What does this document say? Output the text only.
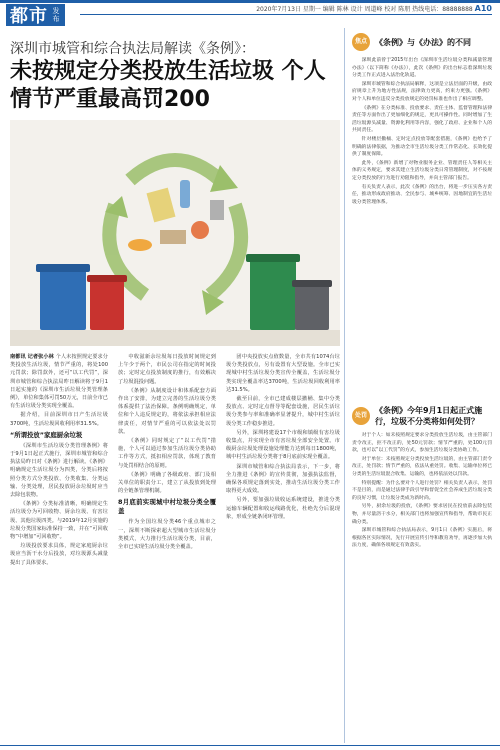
都市 发布
2020年7月13日 星期一 编辑 陈林 设计 周道峰 校对 陈朋 热线电话：88888888 A10
深圳市城管和综合执法局解读《条例》：
未按规定分类投放生活垃圾 个人情节严重最高罚200

南都讯 记者张小林 个人未按照规定要求分类投放生活垃圾，情节严重的，将处100元罚款；除罚款外，还可“以工代罚”，深圳市城管和综合执法局昨日解读将于9月1日起实施的《深圳市生活垃圾分类管理条例》，单位和集体可罚50万元，日前全市已有生活垃圾分类实现全覆盖。

据介绍，目前深圳市日产生活垃圾3700吨，生活垃圾回收利用率31.5%。

“所谓投放”家庭厨余垃圾

《深圳市生活垃圾分类管理条例》将于9月1日起正式施行，深圳市城管和综合执法局昨日对《条例》进行解读。《条例》明确规定生活垃圾分为四类，分类后将按照分类方式分类投放、分类收集、分类运输、分类处理，居民投放厨余垃圾时应当去除包装物。

《条例》分类标准清晰，明确规定生活垃圾分为可回收物、厨余垃圾、有害垃圾、其他垃圾四类。与2019年12月实施的垃圾分类国家标准保持一致，并在“可回收物”中增加“可回收物”。

垃圾投放要求具体，规定家庭厨余垃圾应当沥干水分后投放，对垃圾源头减量提出了具体要求。

中收滋新余垃圾每日投放时间规定到上午少于两个，市民公司在指定的时间投放；定时定点投放制度的推行，有效解决了垃圾混投问题。

《条例》从制度设计和体系配套方面作出了安排，为建立完善的生活垃圾分类体系提供了法治保障。条例明确规定，单位和个人违反规定的，将依法承担相应法律责任，对情节严重的可以依法处以罚款。

《条例》同时规定了“以工代罚”措施，个人可以通过参加生活垃圾分类协助工作等方式，抵扣相应罚款，体现了教育与处罚相结合的原则。

《条例》明确了各级政府、部门及相关单位的职责分工，建立了从投放到处理的全链条管理机制。

8月底前实现城中村垃圾分类全覆盖

作为全国垃圾分类46个重点城市之一，深圳不断探索超大型城市生活垃圾分类模式，大力推行生活垃圾分类，目前，全市已实现生活垃圾分类全覆盖。

团中央投放实点值数量，全市共有1074台垃圾分类投放点，另有设置有大型设施。全市已实现城中村生活垃圾分类宣传全覆盖，生活垃圾分类实现全覆盖率达3700吨，生活垃圾回收利用率达31.5%。

截至目前，全市已建成楼层撤桶、集中分类投放点、定时定点督导等配套设施，居民生活垃圾分类参与率和准确率显著提升，城中村生活垃圾分类工作稳步推进。

另外，深圳将建设17个市级和镇级有害垃圾收集点，并实现全市有害垃圾全部安全处置。市级厨余垃圾处理设施处理能力达到每日1800吨，城中村生活垃圾分类将于8月底前实现全覆盖。

深圳市城管和综合执法局表示，下一步，将全力推进《条例》的宣传贯彻，加强执法监督，确保各项规定落到实处，推动生活垃圾分类工作取得更大成效。

另外，要加强垃圾收运系统建设，推进分类运输车辆配置和收运线路优化，杜绝先分后混现象，形成全链条闭环管理。

焦点	《条例》与《办法》的不同

深圳此前曾于2015年出台《深圳市生活垃圾分类和减量管理办法》（以下简称《办法》），此次《条例》的出台标志着深圳垃圾分类工作正式进入法治化轨道。

深圳市城管和综合执法局解释，这项是立法层面的升级，由政府规章上升为地方性法规，法律效力更高，约束力更强。《条例》对个人和单位违反分类投放规定的处罚标准也作出了相应调整。

《条例》在分类标准、投放要求、责任主体、监督管理和法律责任等方面作出了更加细化的规定，更具可操作性。同时增加了生活垃圾源头减量、资源化利用等内容，强化了政府、企业和个人的共同责任。

针对楼层撤桶、定时定点投放等配套措施，《条例》也给予了明确的法律依据，为推动全市生活垃圾分类工作常态化、长效化提供了制度保障。

此外，《条例》新增了对物业服务企业、管理责任人等相关主体的义务规定，要求其建立生活垃圾分类日常管理制度，对不按规定分类投放的行为进行劝阻和指导，并向主管部门报告。

有关负责人表示，此次《条例》的出台，将进一步压实各方责任，推动形成政府推动、全民参与、城乡统筹、因地制宜的生活垃圾分类管理体系。

处罚
《条例》今年9月1日起正式施行，垃圾不分类将如何处罚？

对于个人：如未按照规定要求分类投放生活垃圾，由主管部门责令改正，拒不改正的，处50元罚款；情节严重的，处100元罚款，也可以“以工代罚”的方式，参加生活垃圾分类协助工作。

对于单位：未按照规定分类投放生活垃圾的，由主管部门责令改正，处罚款；情节严重的，依法从重处罚。收集、运输单位将已分类的生活垃圾混合收集、运输的，也将依法处以罚款。

特别提醒：为什么要对个人进行处罚？相关负责人表示，处罚不是目的，而是通过法律手段引导和督促全社会养成生活垃圾分类的良好习惯，让垃圾分类成为新时尚。

另外，厨余垃圾的投放，《条例》要求居民在投放前去除包装物，并尽量沥干水分，相关部门也将加强宣传和指导，帮助市民正确分类。

深圳市城管和综合执法局表示，9月1日《条例》实施后，将根据各区实际情况，先行开展宣传引导和教育劝导，再逐步加大执法力度，确保各项规定有效落实。
